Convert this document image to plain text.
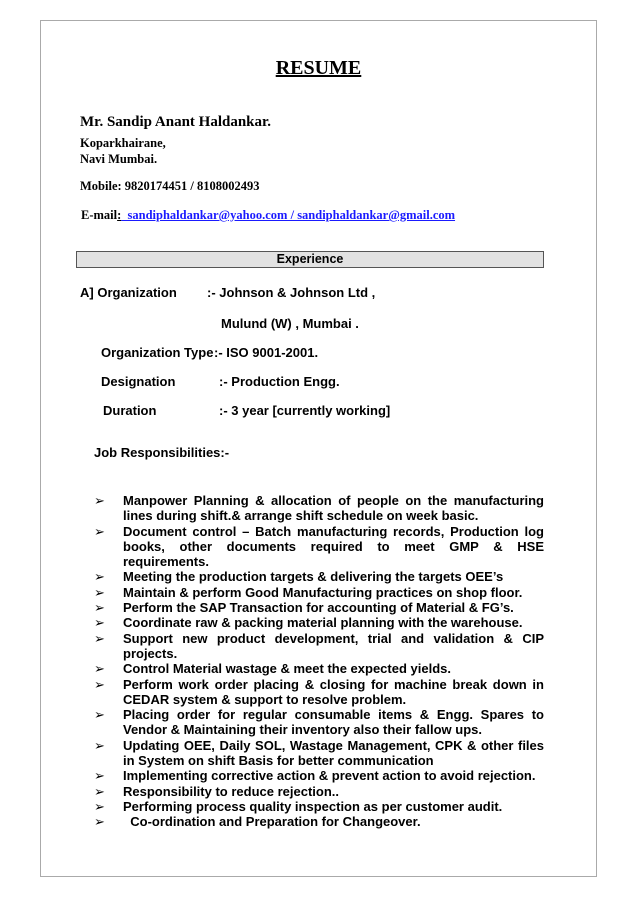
RESUME
Mr. Sandip Anant Haldankar.
Koparkhairane,
Navi Mumbai.
Mobile: 9820174451 / 8108002493
E-mail:  sandiphaldankar@yahoo.com / sandiphaldankar@gmail.com
Experience
A] Organization :- Johnson & Johnson Ltd ,
Mulund (W) , Mumbai .
Organization Type :- ISO 9001-2001.
Designation	:- Production Engg.
Duration	:- 3 year [currently working]
Job Responsibilities:-
➢ Manpower Planning & allocation of people on the manufacturing lines during shift.& arrange shift schedule on week basic.
➢ Document control – Batch manufacturing records, Production log books, other documents required to meet GMP & HSE requirements.
➢ Meeting the production targets & delivering the targets OEE’s
➢ Maintain & perform Good Manufacturing practices on shop floor.
➢ Perform the SAP Transaction for accounting of Material & FG’s.
➢ Coordinate raw & packing material planning with the warehouse.
➢ Support new product development, trial and validation & CIP projects.
➢ Control Material wastage & meet the expected yields.
➢ Perform work order placing & closing for machine break down in CEDAR system & support to resolve problem.
➢ Placing order for regular consumable items & Engg. Spares to Vendor & Maintaining their inventory also their fallow ups.
➢ Updating OEE, Daily SOL, Wastage Management, CPK & other files in System on shift Basis for better communication
➢ Implementing corrective action & prevent action to avoid rejection.
➢ Responsibility to reduce rejection..
➢ Performing process quality inspection as per customer audit.
➢ Co-ordination and Preparation for Changeover.
